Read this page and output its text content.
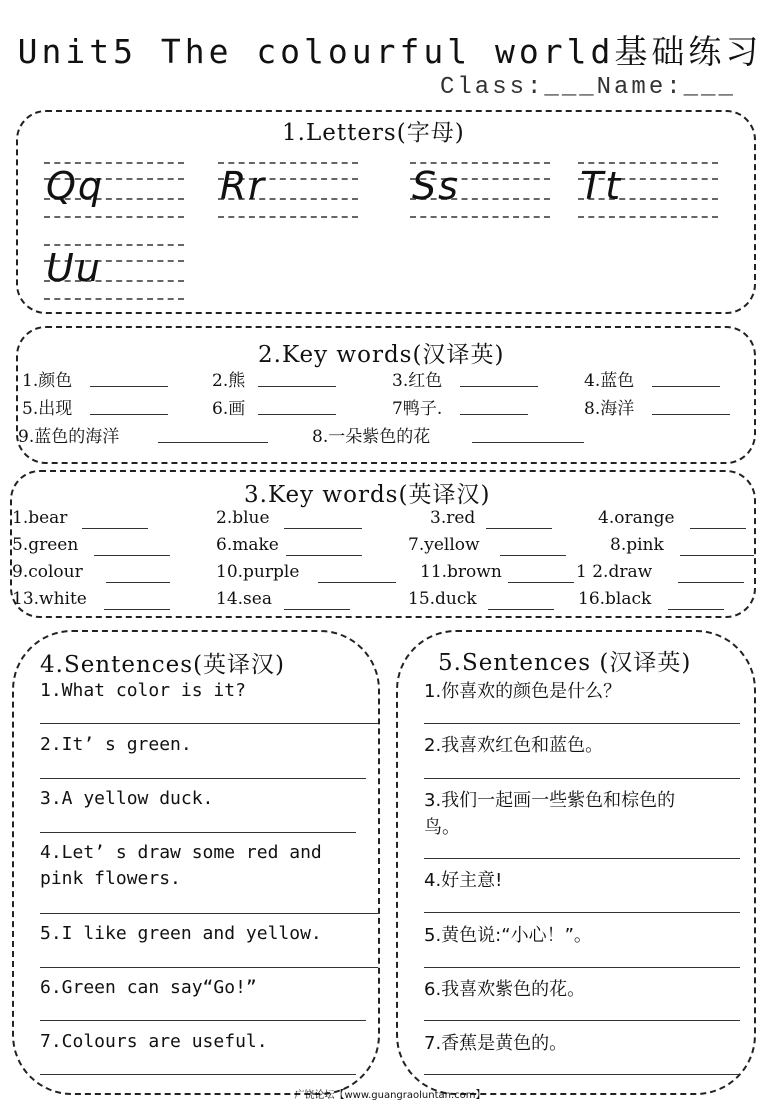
Unit5 The colourful world基础练习
Class:___Name:___
1.Letters(字母)
Qq	Rr	Ss	Tt
Uu
2.Key words(汉译英)
1.颜色	2.熊	3.红色	4.蓝色
5.出现	6.画	7鸭子.	8.海洋
9.蓝色的海洋	8.一朵紫色的花
3.Key words(英译汉)
1.bear	2.blue	3.red	4.orange
5.green	6.make	7.yellow	8.pink
9.colour	10.purple	11.brown	1 2.draw
13.white	14.sea	15.duck	16.black
4.Sentences(英译汉)
1.What color is it?
2.It’ s green.
3.A yellow duck.
4.Let’ s draw some red and
pink flowers.
5.I like green and yellow.
6.Green can say“Go!”
7.Colours are useful.
5.Sentences (汉译英)
1.你喜欢的颜色是什么？
2.我喜欢红色和蓝色。
3.我们一起画一些紫色和棕色的
鸟。
4.好主意!
5.黄色说:“小心！”。
6.我喜欢紫色的花。
7.香蕉是黄色的。
广饶论坛【www.guangraoluntan.com】
